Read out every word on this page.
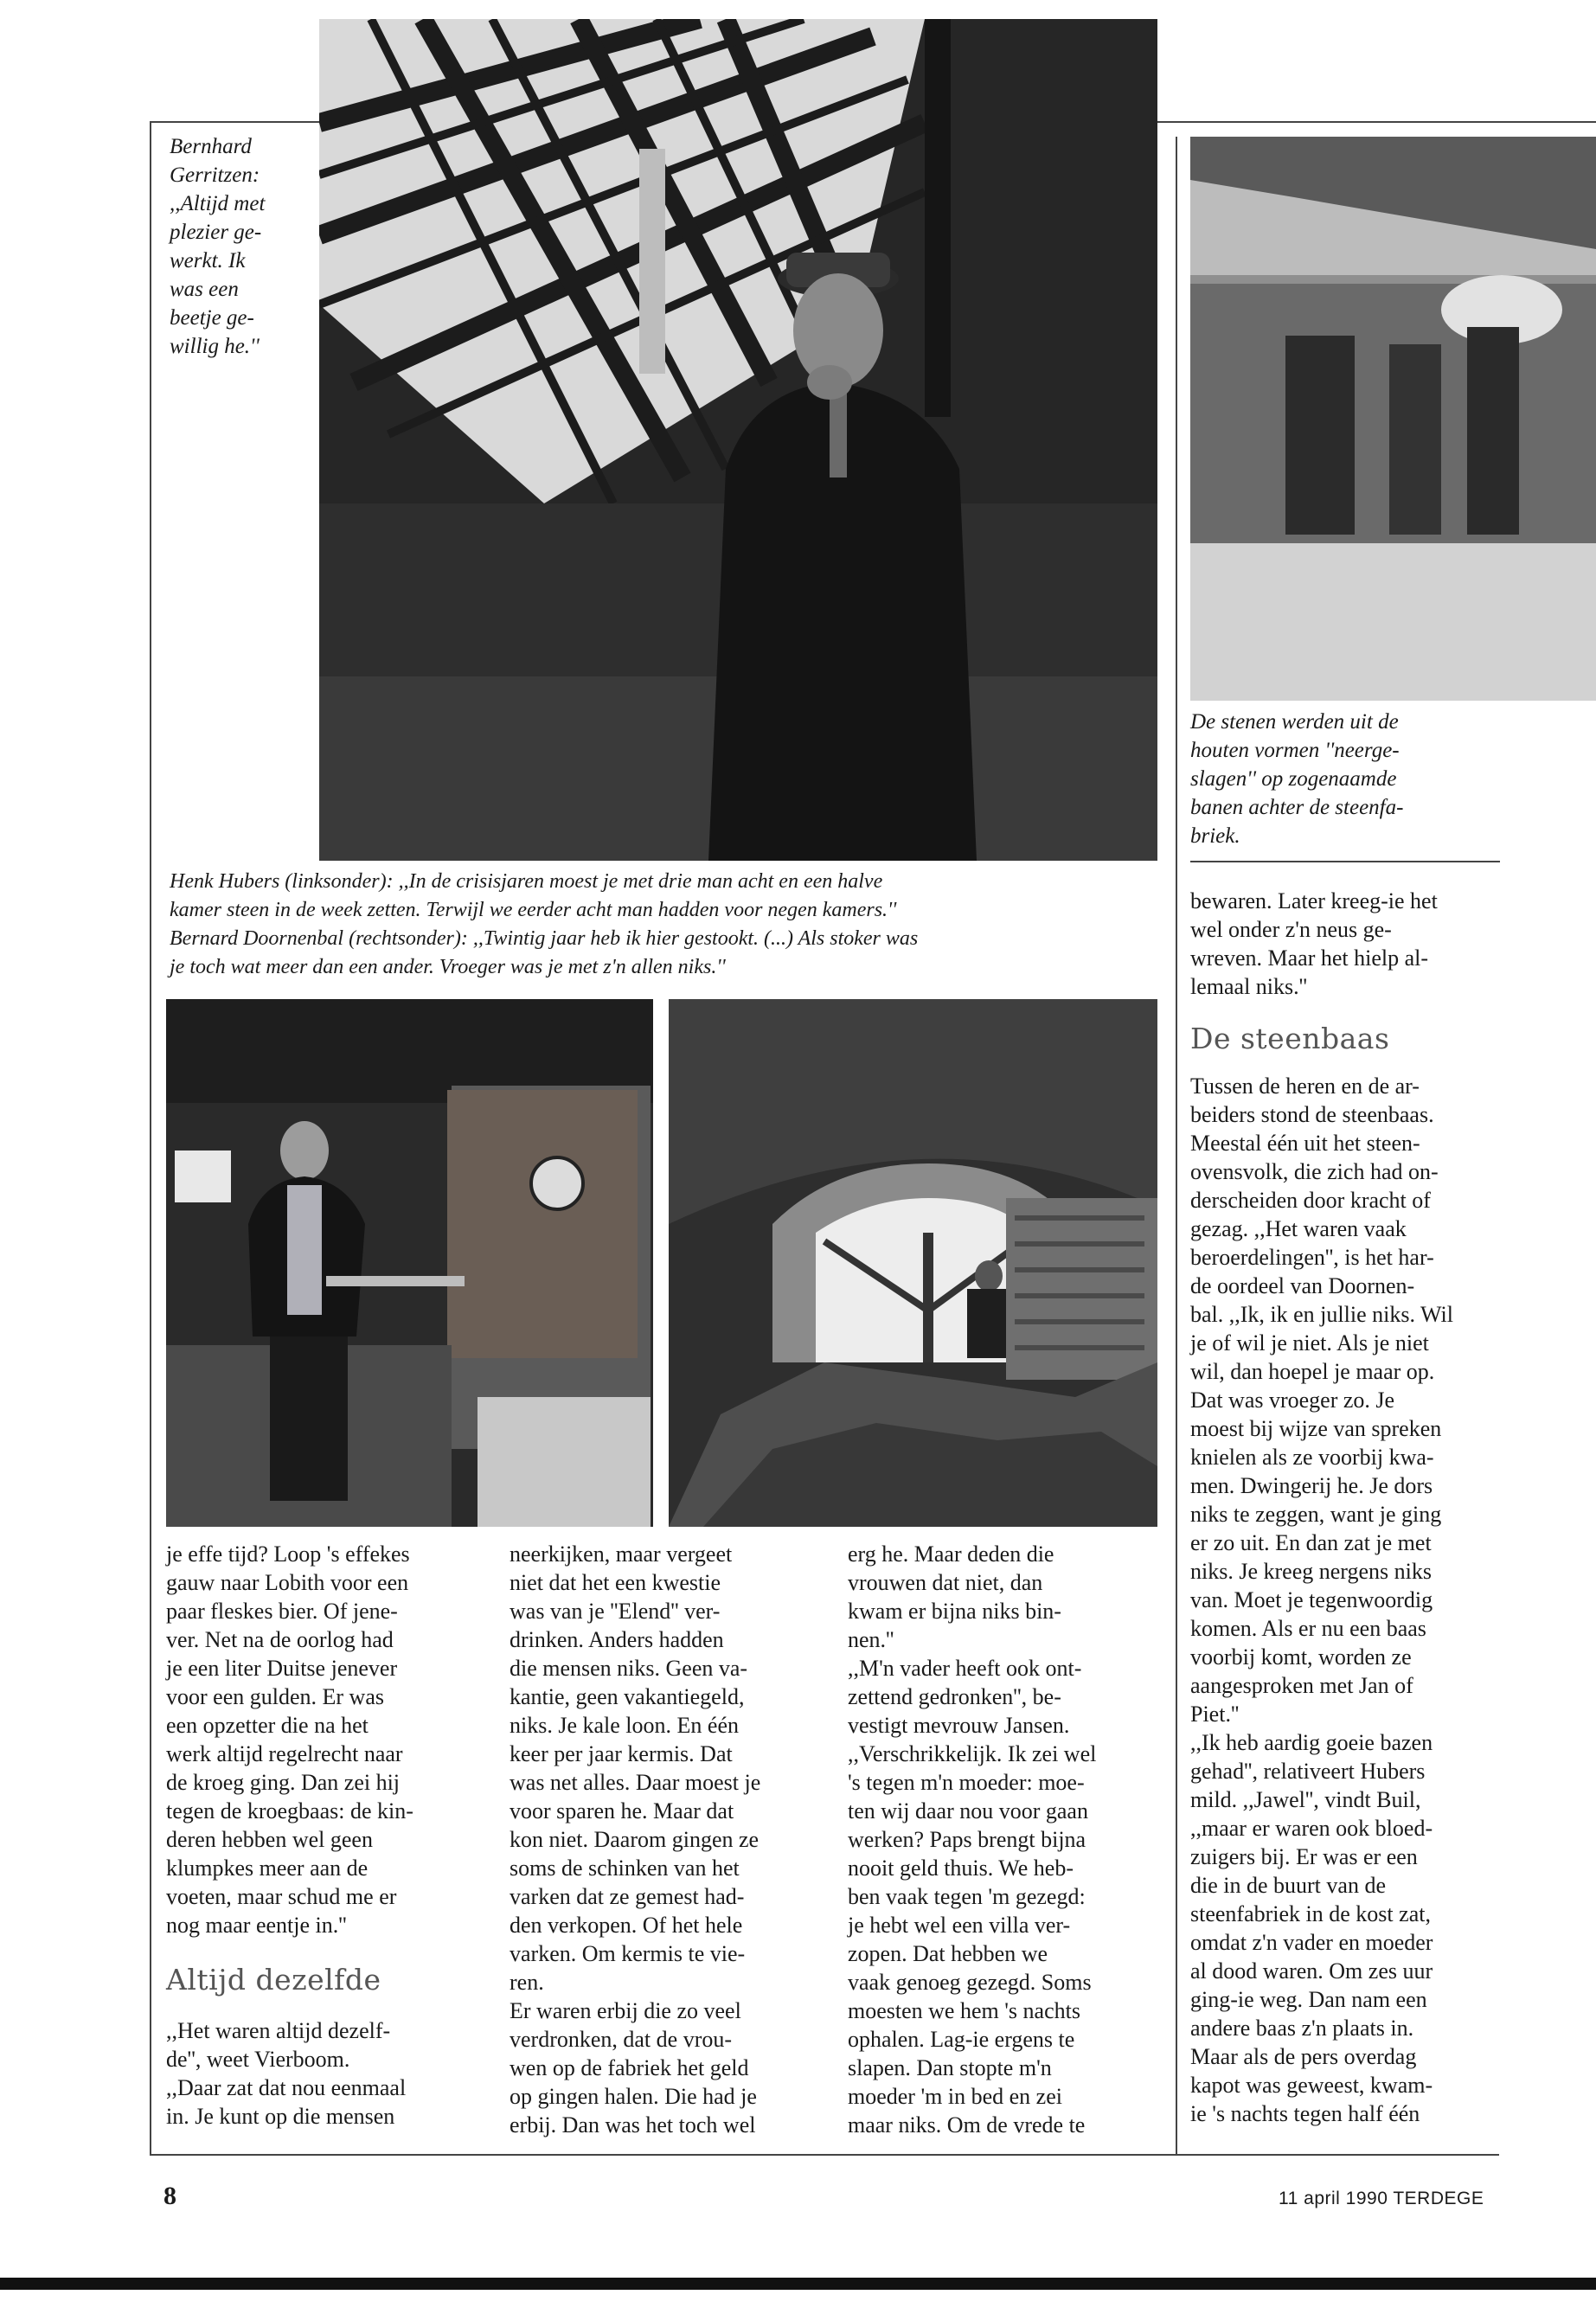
Bernhard
Gerritzen:
,,Altijd met
plezier ge-
werkt. Ik
was een
beetje ge-
willig he.''
De stenen werden uit de
houten vormen ''neerge-
slagen'' op zogenaamde
banen achter de steenfa-
briek.
Henk Hubers (linksonder): ,,In de crisisjaren moest je met drie man acht en een halve
kamer steen in de week zetten. Terwijl we eerder acht man hadden voor negen kamers.''
Bernard Doornenbal (rechtsonder): ,,Twintig jaar heb ik hier gestookt. (...) Als stoker was
je toch wat meer dan een ander. Vroeger was je met z'n allen niks.''

bewaren. Later kreeg-ie het

wel onder z'n neus ge-

wreven. Maar het hielp al-

lemaal niks.''

je effe tijd? Loop 's effekes

gauw naar Lobith voor een

paar fleskes bier. Of jene-

ver. Net na de oorlog had

je een liter Duitse jenever

voor een gulden. Er was

een opzetter die na het

werk altijd regelrecht naar

de kroeg ging. Dan zei hij

tegen de kroegbaas: de kin-

deren hebben wel geen

klumpkes meer aan de

voeten, maar schud me er

nog maar eentje in.''

Altijd dezelfde

,,Het waren altijd dezelf-

de'', weet Vierboom.

,,Daar zat dat nou eenmaal

in. Je kunt op die mensen

neerkijken, maar vergeet

niet dat het een kwestie

was van je ''Elend'' ver-

drinken. Anders hadden

die mensen niks. Geen va-

kantie, geen vakantiegeld,

niks. Je kale loon. En één

keer per jaar kermis. Dat

was net alles. Daar moest je

voor sparen he. Maar dat

kon niet. Daarom gingen ze

soms de schinken van het

varken dat ze gemest had-

den verkopen. Of het hele

varken. Om kermis te vie-

ren.

Er waren erbij die zo veel

verdronken, dat de vrou-

wen op de fabriek het geld

op gingen halen. Die had je

erbij. Dan was het toch wel

erg he. Maar deden die

vrouwen dat niet, dan

kwam er bijna niks bin-

nen.''

,,M'n vader heeft ook ont-

zettend gedronken'', be-

vestigt mevrouw Jansen.

,,Verschrikkelijk. Ik zei wel

's tegen m'n moeder: moe-

ten wij daar nou voor gaan

werken? Paps brengt bijna

nooit geld thuis. We heb-

ben vaak tegen 'm gezegd:

je hebt wel een villa ver-

zopen. Dat hebben we

vaak genoeg gezegd. Soms

moesten we hem 's nachts

ophalen. Lag-ie ergens te

slapen. Dan stopte m'n

moeder 'm in bed en zei

maar niks. Om de vrede te

De steenbaas

Tussen de heren en de ar-

beiders stond de steenbaas.

Meestal één uit het steen-

ovensvolk, die zich had on-

derscheiden door kracht of

gezag. ,,Het waren vaak

beroerdelingen'', is het har-

de oordeel van Doornen-

bal. ,,Ik, ik en jullie niks. Wil

je of wil je niet. Als je niet

wil, dan hoepel je maar op.

Dat was vroeger zo. Je

moest bij wijze van spreken

knielen als ze voorbij kwa-

men. Dwingerij he. Je dors

niks te zeggen, want je ging

er zo uit. En dan zat je met

niks. Je kreeg nergens niks

van. Moet je tegenwoordig

komen. Als er nu een baas

voorbij komt, worden ze

aangesproken met Jan of

Piet.''

,,Ik heb aardig goeie bazen

gehad'', relativeert Hubers

mild. ,,Jawel'', vindt Buil,

,,maar er waren ook bloed-

zuigers bij. Er was er een

die in de buurt van de

steenfabriek in de kost zat,

omdat z'n vader en moeder

al dood waren. Om zes uur

ging-ie weg. Dan nam een

andere baas z'n plaats in.

Maar als de pers overdag

kapot was geweest, kwam-

ie 's nachts tegen half één

8	11 april 1990 TERDEGE
